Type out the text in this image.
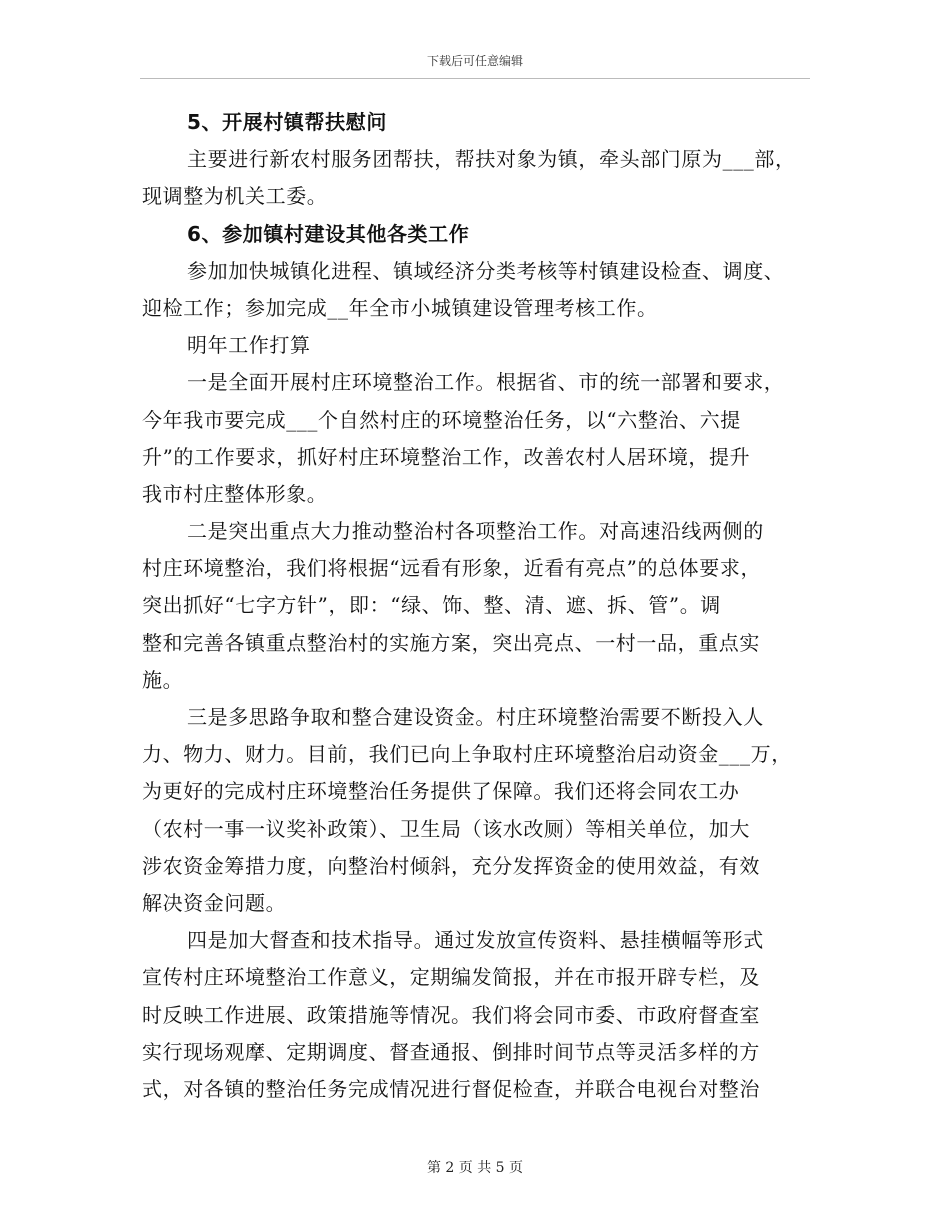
下载后可任意编辑
5、开展村镇帮扶慰问
主要进行新农村服务团帮扶，帮扶对象为镇，牵头部门原为___部，
现调整为机关工委。
6、参加镇村建设其他各类工作
参加加快城镇化进程、镇域经济分类考核等村镇建设检查、调度、
迎检工作；参加完成__年全市小城镇建设管理考核工作。
明年工作打算
一是全面开展村庄环境整治工作。根据省、市的统一部署和要求，
今年我市要完成___个自然村庄的环境整治任务，以“六整治、六提
升”的工作要求，抓好村庄环境整治工作，改善农村人居环境，提升
我市村庄整体形象。
二是突出重点大力推动整治村各项整治工作。对高速沿线两侧的
村庄环境整治，我们将根据“远看有形象，近看有亮点”的总体要求，
突出抓好“七字方针”，即：“绿、饰、整、清、遮、拆、管”。调
整和完善各镇重点整治村的实施方案，突出亮点、一村一品，重点实
施。
三是多思路争取和整合建设资金。村庄环境整治需要不断投入人
力、物力、财力。目前，我们已向上争取村庄环境整治启动资金___万，
为更好的完成村庄环境整治任务提供了保障。我们还将会同农工办
（农村一事一议奖补政策）、卫生局（该水改厕）等相关单位，加大
涉农资金筹措力度，向整治村倾斜，充分发挥资金的使用效益，有效
解决资金问题。
四是加大督查和技术指导。通过发放宣传资料、悬挂横幅等形式
宣传村庄环境整治工作意义，定期编发简报，并在市报开辟专栏，及
时反映工作进展、政策措施等情况。我们将会同市委、市政府督查室
实行现场观摩、定期调度、督查通报、倒排时间节点等灵活多样的方
式，对各镇的整治任务完成情况进行督促检查，并联合电视台对整治
第 2 页 共 5 页
